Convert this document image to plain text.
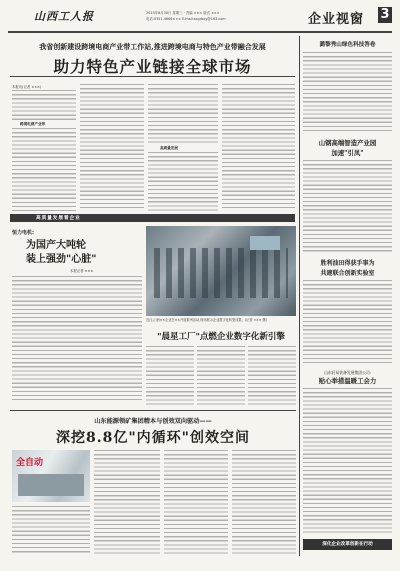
山西工人报	2023年8月30日 星期三 · 责编 ××× 版式 ×××
电话:0351-4666××× E-mail:sxgrbqy@163.com	企业视窗 3
我省创新建设跨境电商产业带工作站,推进跨境电商与特色产业带融合发展
助力特色产业链接全球市场
本报讯(记者 ×××)
跨境电商产业带
高质量发展
高质量发展看企业
恒力电机:
为国产大吨轮
装上强劲"心脏"
本报记者 ×××
近日,山西××企业在××开展系列活动,现场展示企业数字化转型成果。(记者 ××× 摄)
"晨星工厂"点燃企业数字化新引擎
潞黎秀山绿色科技答卷
山钢高端智造产业园
加速"引凤"
胜利油田得获手事为
共建联合创新实验室
山东轻易装备发展集团公司:
贴心举措温暖工会力
深化企业改革创新在行动
山东能源领矿集团精本与创效双向驱动——
深挖8.8亿"内循环"创效空间
全自动
